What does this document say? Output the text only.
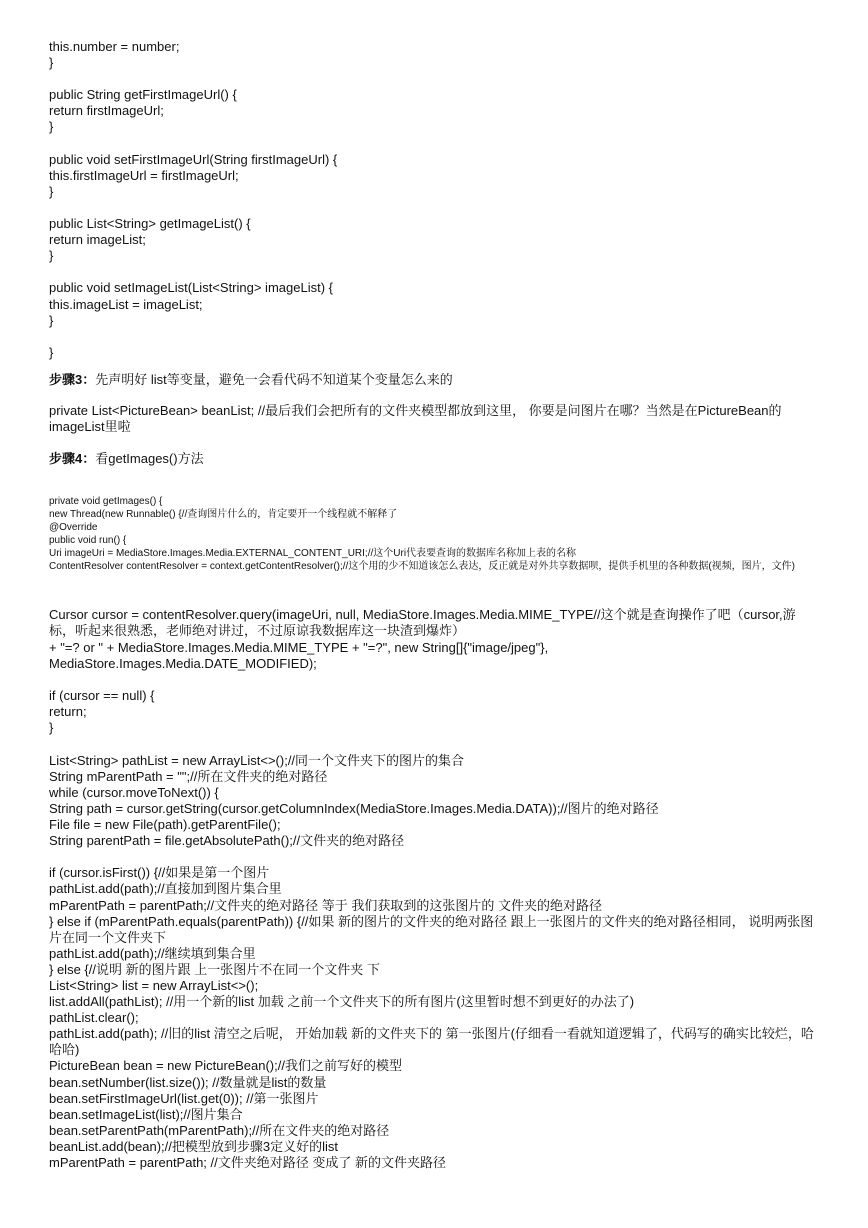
this.number = number;
}
public String getFirstImageUrl() {
return firstImageUrl;
}
public void setFirstImageUrl(String firstImageUrl) {
this.firstImageUrl = firstImageUrl;
}
public List<String> getImageList() {
return imageList;
}
public void setImageList(List<String> imageList) {
this.imageList = imageList;
}
}
步骤3：先声明好 list等变量，避免一会看代码不知道某个变量怎么来的
private List<PictureBean> beanList; //最后我们会把所有的文件夹模型都放到这里， 你要是问图片在哪？当然是在PictureBean的imageList里啦
步骤4：看getImages()方法
private void getImages() {
new Thread(new Runnable() {//查询图片什么的，肯定要开一个线程就不解释了
@Override
public void run() {
Uri imageUri = MediaStore.Images.Media.EXTERNAL_CONTENT_URI;//这个Uri代表要查询的数据库名称加上表的名称
ContentResolver contentResolver = context.getContentResolver();//这个用的少不知道该怎么表达，反正就是对外共享数据呗，提供手机里的各种数据(视频，图片，文件)
Cursor cursor = contentResolver.query(imageUri, null, MediaStore.Images.Media.MIME_TYPE//这个就是查询操作了吧（cursor,游标，听起来很熟悉，老师绝对讲过，不过原谅我数据库这一块渣到爆炸）
+ "=? or " + MediaStore.Images.Media.MIME_TYPE + "=?", new String[]{"image/jpeg"},
MediaStore.Images.Media.DATE_MODIFIED);
if (cursor == null) {
return;
}
List<String> pathList = new ArrayList<>();//同一个文件夹下的图片的集合
String mParentPath = "";//所在文件夹的绝对路径
while (cursor.moveToNext()) {
String path = cursor.getString(cursor.getColumnIndex(MediaStore.Images.Media.DATA));//图片的绝对路径
File file = new File(path).getParentFile();
String parentPath = file.getAbsolutePath();//文件夹的绝对路径
if (cursor.isFirst()) {//如果是第一个图片
pathList.add(path);//直接加到图片集合里
mParentPath = parentPath;//文件夹的绝对路径 等于 我们获取到的这张图片的 文件夹的绝对路径
} else if (mParentPath.equals(parentPath)) {//如果 新的图片的文件夹的绝对路径 跟上一张图片的文件夹的绝对路径相同， 说明两张图片在同一个文件夹下
pathList.add(path);//继续填到集合里
} else {//说明 新的图片跟 上一张图片不在同一个文件夹 下
List<String> list = new ArrayList<>();
list.addAll(pathList); //用一个新的list 加载 之前一个文件夹下的所有图片(这里暂时想不到更好的办法了)
pathList.clear();
pathList.add(path); //旧的list 清空之后呢， 开始加载 新的文件夹下的 第一张图片(仔细看一看就知道逻辑了，代码写的确实比较烂，哈哈哈)
PictureBean bean = new PictureBean();//我们之前写好的模型
bean.setNumber(list.size()); //数量就是list的数量
bean.setFirstImageUrl(list.get(0)); //第一张图片
bean.setImageList(list);//图片集合
bean.setParentPath(mParentPath);//所在文件夹的绝对路径
beanList.add(bean);//把模型放到步骤3定义好的list
mParentPath = parentPath; //文件夹绝对路径 变成了 新的文件夹路径
